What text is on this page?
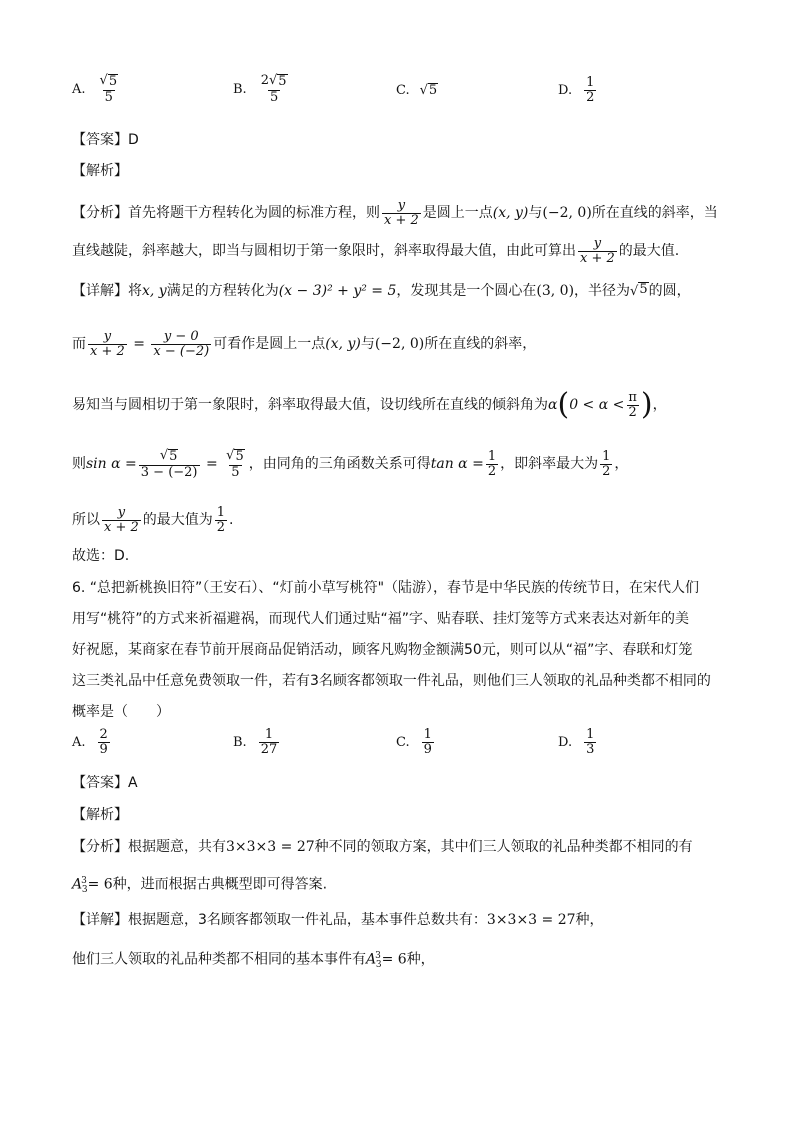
A.
√ 5
5
B.
2 √ 5
5	C. √ 5	D.
1
2
【答案】D
【解析】
【分析】首先将题干方程转化为圆的标准方程，则 $\frac{y}{x + 2}$ 是圆上一点(x, y)与(−2, 0)所在直线的斜率，当
直线越陡，斜率越大，即当与圆相切于第一象限时，斜率取得最大值，由此可算出 $\frac{y}{x + 2}$ 的最大值.
【详解】将x, y满足的方程转化为(x − 3)² + y² = 5，发现其是一个圆心在(3, 0)，半径为 √ 5 的圆，
而 $\frac{y}{x + 2} = \frac{y - 0}{x - (-2)}$ 可看作是圆上一点(x, y)与(−2, 0)所在直线的斜率，
易知当与圆相切于第一象限时，斜率取得最大值，设切线所在直线的倾斜角为$\alpha(0 < \alpha < \frac{\pi}{2}$ )，
则$\sin \alpha = \frac{√ 5}{3 - (-2)} = \frac{√ 5}{5}$ ，由同角的三角函数关系可得$\tan \alpha = \frac{1}{2}$ ，即斜率最大为 $\frac{1}{2}$ ，
所以 $\frac{y}{x + 2}$ 的最大值为 $\frac{1}{2}$ .
故选：D.
6. “总把新桃换旧符”（王安石）、“灯前小草写桃符"（陆游），春节是中华民族的传统节日，在宋代人们
用写“桃符”的方式来祈福避祸，而现代人们通过贴“福”字、贴春联、挂灯笼等方式来表达对新年的美
好祝愿，某商家在春节前开展商品促销活动，顾客凡购物金额满50元，则可以从“福”字、春联和灯笼
这三类礼品中任意免费领取一件，若有3名顾客都领取一件礼品，则他们三人领取的礼品种类都不相同的
概率是（　　）
A.
2
9	B.
1
27	C.
1
9	D.
1
3
【答案】A
【解析】
【分析】根据题意，共有3×3×3 = 27种不同的领取方案，其中们三人领取的礼品种类都不相同的有
$A^3_3= 6$种，进而根据古典概型即可得答案.
【详解】根据题意，3名顾客都领取一件礼品，基本事件总数共有：3×3×3 = 27种，
他们三人领取的礼品种类都不相同的基本事件有$A^3_3= 6$种，
